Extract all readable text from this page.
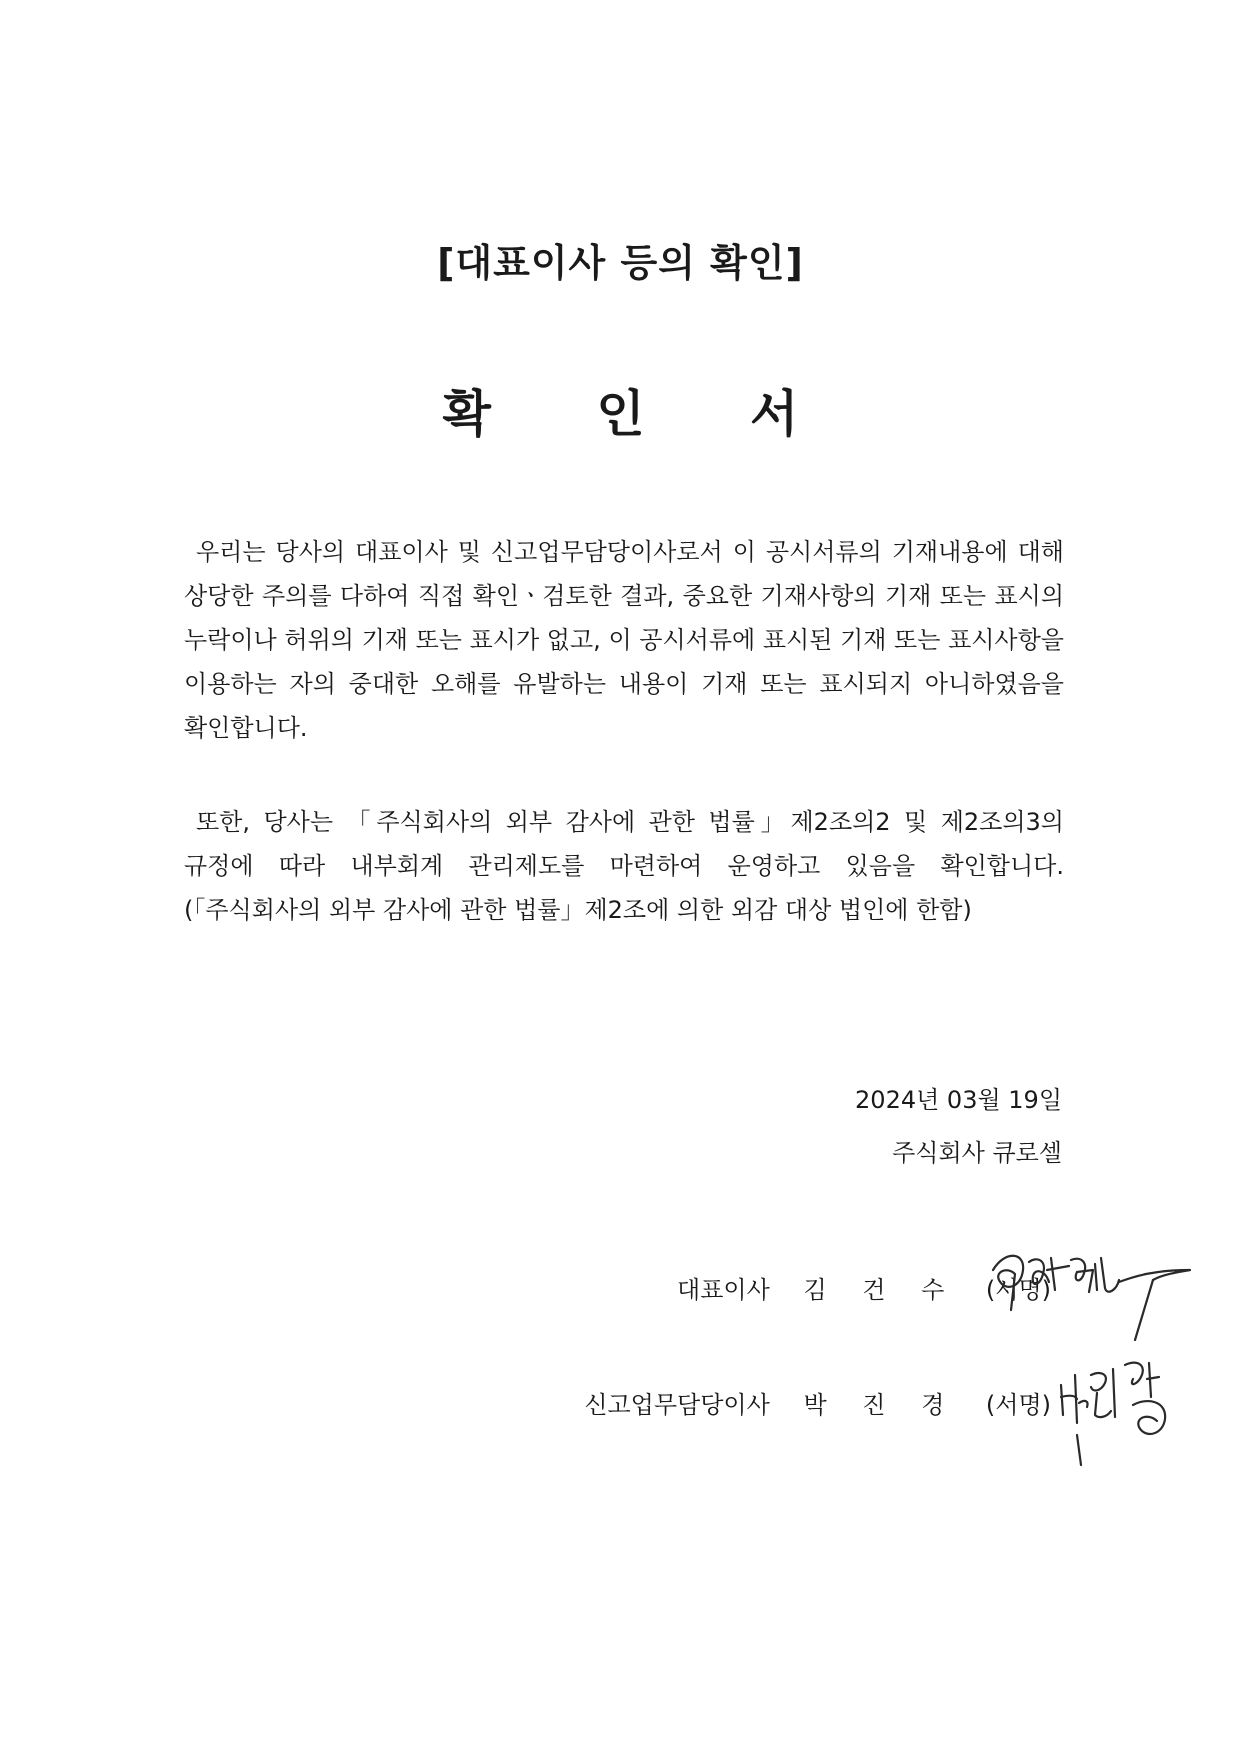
[대표이사 등의 확인]
확 인 서

우리는 당사의 대표이사 및 신고업무담당이사로서 이 공시서류의 기재내용에 대해 상당한 주의를 다하여 직접 확인ㆍ검토한 결과, 중요한 기재사항의 기재 또는 표시의 누락이나 허위의 기재 또는 표시가 없고, 이 공시서류에 표시된 기재 또는 표시사항을 이용하는 자의 중대한 오해를 유발하는 내용이 기재 또는 표시되지 아니하였음을 확인합니다.

또한, 당사는 「주식회사의 외부 감사에 관한 법률」제2조의2 및 제2조의3의 규정에 따라 내부회계 관리제도를 마련하여 운영하고 있음을 확인합니다.(「주식회사의 외부 감사에 관한 법률」제2조에 의한 외감 대상 법인에 한함)

2024년 03월 19일
주식회사 큐로셀
대표이사 김 건 수 (서명)
신고업무담당이사 박 진 경 (서명)
